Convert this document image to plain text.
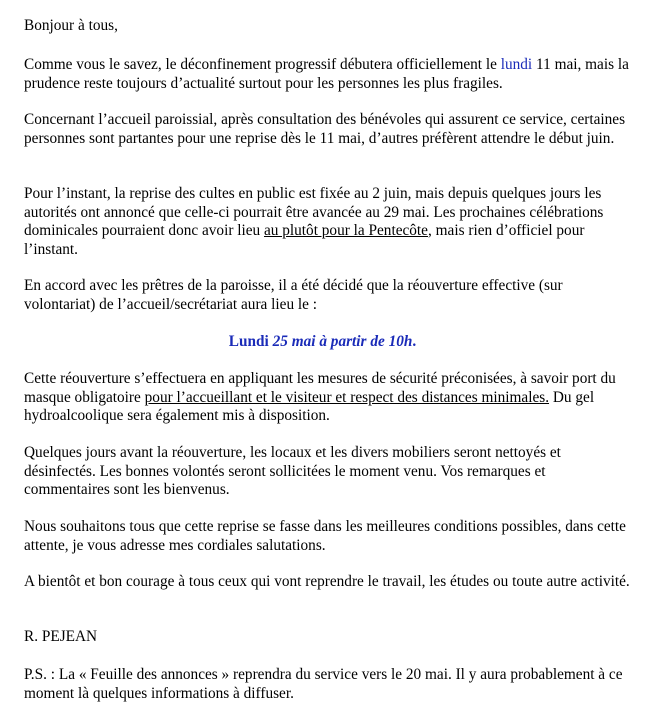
Bonjour à tous,

Comme vous le savez, le déconfinement progressif débutera officiellement le lundi 11 mai, mais la prudence reste toujours d’actualité surtout pour les personnes les plus fragiles.

Concernant l’accueil paroissial, après consultation des bénévoles qui assurent ce service, certaines personnes sont partantes pour une reprise dès le 11 mai, d’autres préfèrent attendre le début juin.

Pour l’instant, la reprise des cultes en public est fixée au 2 juin, mais depuis quelques jours les autorités ont annoncé que celle-ci pourrait être avancée au 29 mai. Les prochaines célébrations dominicales pourraient donc avoir lieu au plutôt pour la Pentecôte, mais rien d’officiel pour l’instant.

En accord avec les prêtres de la paroisse, il a été décidé que la réouverture effective (sur volontariat) de l’accueil/secrétariat aura lieu le :

Lundi 25 mai à partir de 10h.

Cette réouverture s’effectuera en appliquant les mesures de sécurité préconisées, à savoir port du masque obligatoire pour l’accueillant et le visiteur et respect des distances minimales. Du gel hydroalcoolique sera également mis à disposition.

Quelques jours avant la réouverture, les locaux et les divers mobiliers seront nettoyés et désinfectés. Les bonnes volontés seront sollicitées le moment venu. Vos remarques et commentaires sont les bienvenus.

Nous souhaitons tous que cette reprise se fasse dans les meilleures conditions possibles, dans cette attente, je vous adresse mes cordiales salutations.

A bientôt et bon courage à tous ceux qui vont reprendre le travail, les études ou toute autre activité.

R. PEJEAN

P.S. : La « Feuille des annonces » reprendra du service vers le 20 mai. Il y aura probablement à ce moment là quelques informations à diffuser.
